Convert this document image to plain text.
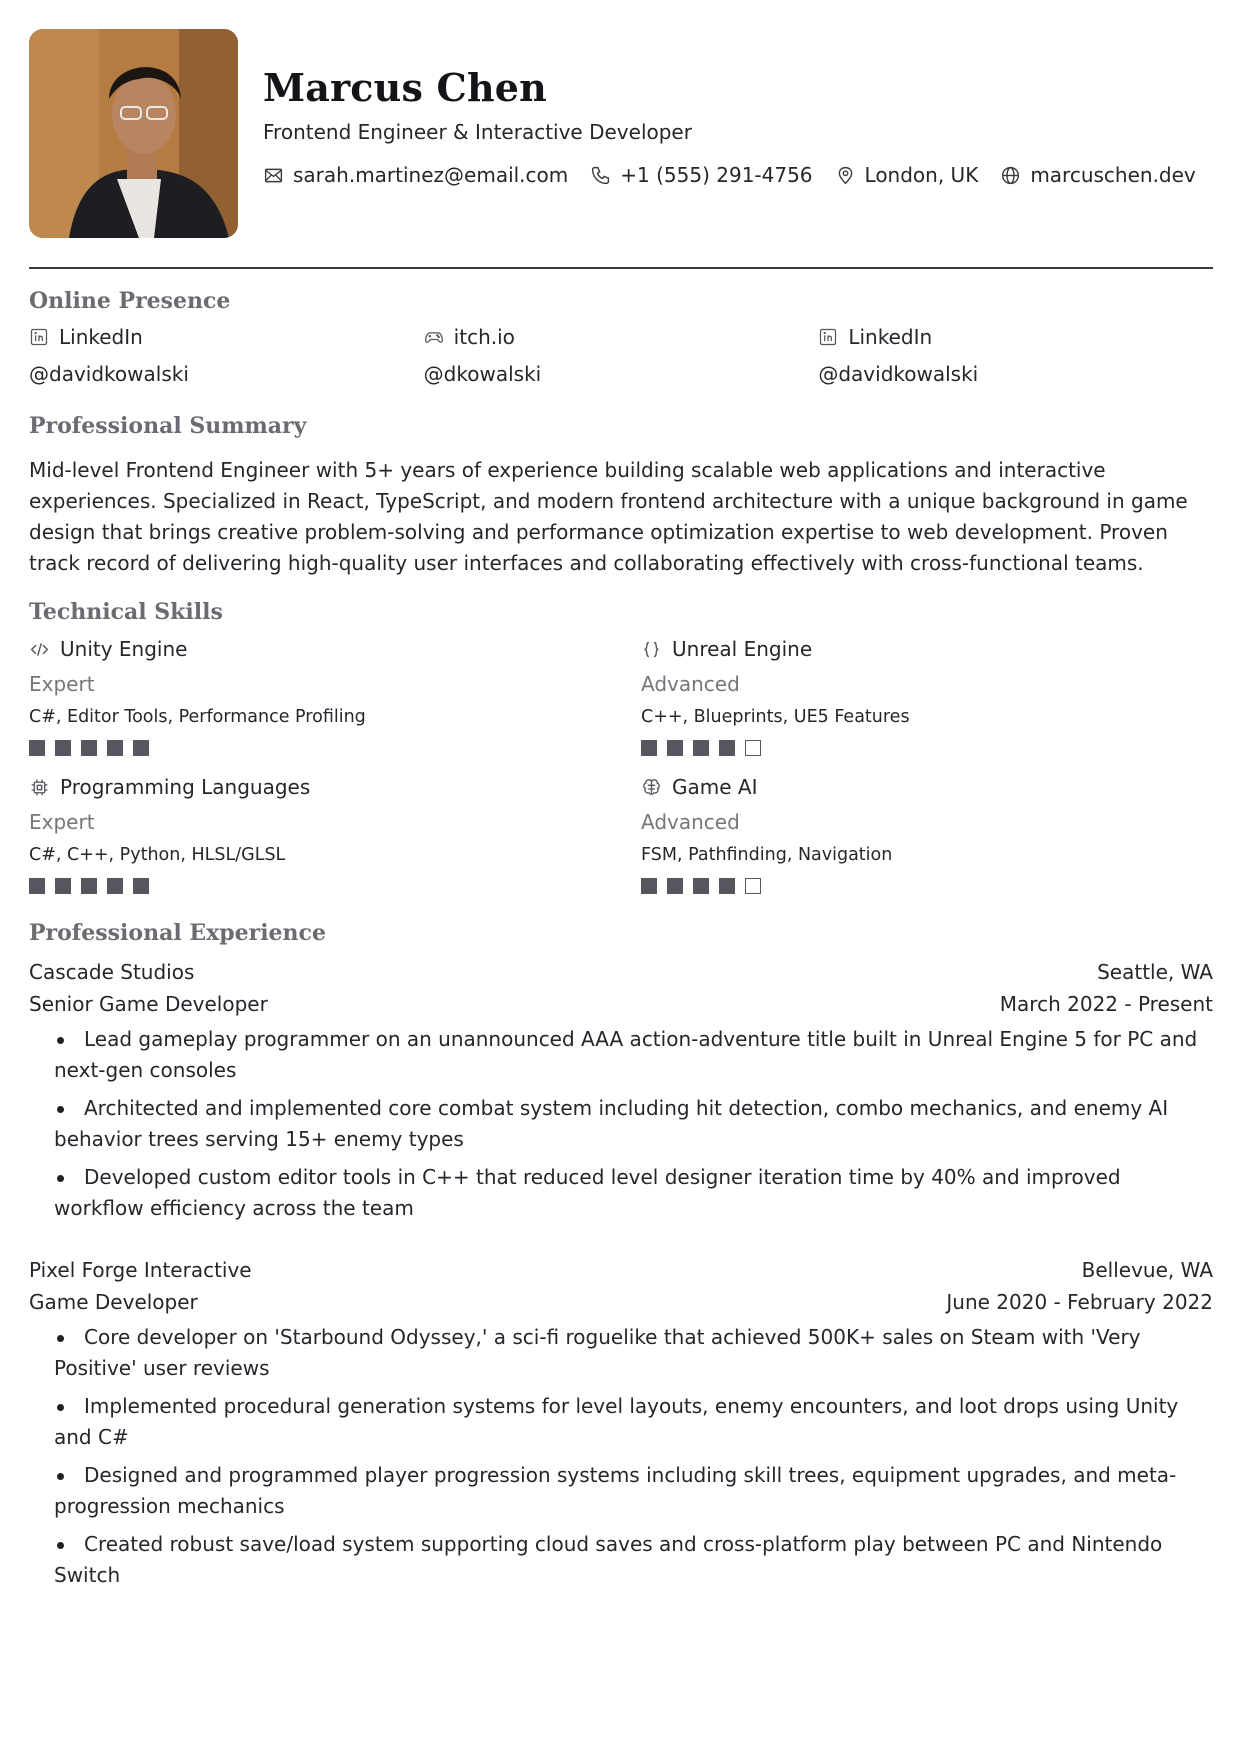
Marcus Chen
Frontend Engineer & Interactive Developer
sarah.martinez@email.com	+1 (555) 291-4756	London, UK	marcuschen.dev
Online Presence
LinkedIn
@davidkowalski
itch.io
@dkowalski
LinkedIn
@davidkowalski
Professional Summary
Mid-level Frontend Engineer with 5+ years of experience building scalable web applications and interactive experiences. Specialized in React, TypeScript, and modern frontend architecture with a unique background in game design that brings creative problem-solving and performance optimization expertise to web development. Proven track record of delivering high-quality user interfaces and collaborating effectively with cross-functional teams.
Technical Skills
Unity Engine
Expert
C#, Editor Tools, Performance Profiling
Unreal Engine
Advanced
C++, Blueprints, UE5 Features
Programming Languages
Expert
C#, C++, Python, HLSL/GLSL
Game AI
Advanced
FSM, Pathfinding, Navigation
Professional Experience
Cascade Studios	Seattle, WA
Senior Game Developer	March 2022 - Present
Lead gameplay programmer on an unannounced AAA action-adventure title built in Unreal Engine 5 for PC and next-gen consoles
Architected and implemented core combat system including hit detection, combo mechanics, and enemy AI behavior trees serving 15+ enemy types
Developed custom editor tools in C++ that reduced level designer iteration time by 40% and improved workflow efficiency across the team
Pixel Forge Interactive	Bellevue, WA
Game Developer	June 2020 - February 2022
Core developer on 'Starbound Odyssey,' a sci-fi roguelike that achieved 500K+ sales on Steam with 'Very Positive' user reviews
Implemented procedural generation systems for level layouts, enemy encounters, and loot drops using Unity and C#
Designed and programmed player progression systems including skill trees, equipment upgrades, and meta-progression mechanics
Created robust save/load system supporting cloud saves and cross-platform play between PC and Nintendo Switch
